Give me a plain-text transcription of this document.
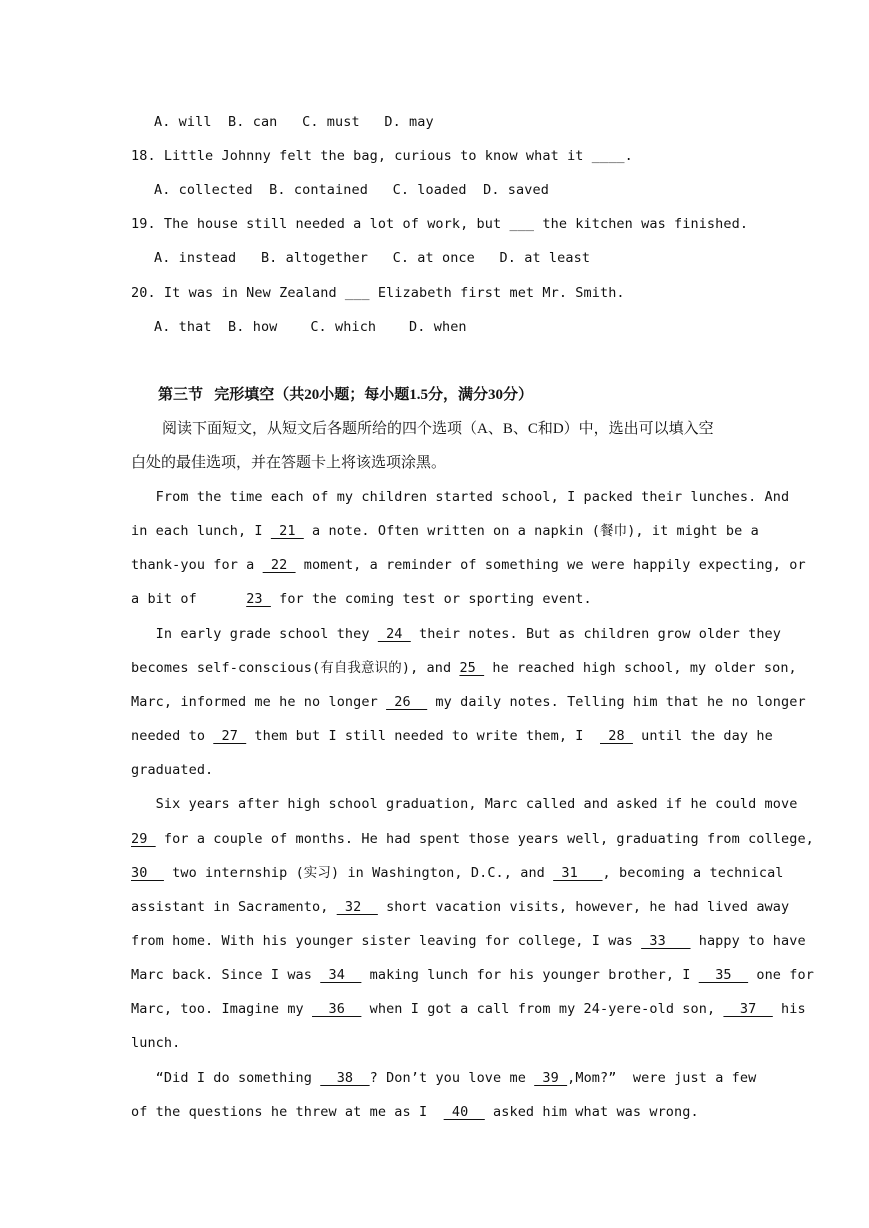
A. will  B. can   C. must   D. may
18. Little Johnny felt the bag, curious to know what it ____.
A. collected  B. contained   C. loaded  D. saved
19. The house still needed a lot of work, but ___ the kitchen was finished.
A. instead   B. altogether   C. at once   D. at least
20. It was in New Zealand ___ Elizabeth first met Mr. Smith.
A. that  B. how    C. which    D. when
第三节   完形填空（共20小题；每小题1.5分，满分30分）
阅读下面短文，从短文后各题所给的四个选项（A、B、C和D）中，选出可以填入空
白处的最佳选项，并在答题卡上将该选项涂黑。
From the time each of my children started school, I packed their lunches. And
in each lunch, I  21  a note. Often written on a napkin (餐巾), it might be a
thank-you for a  22  moment, a reminder of something we were happily expecting, or
a bit of      23  for the coming test or sporting event.
In early grade school they  24  their notes. But as children grow older they
becomes self-conscious(有自我意识的), and 25  he reached high school, my older son,
Marc, informed me he no longer  26   my daily notes. Telling him that he no longer
needed to  27  them but I still needed to write them, I   28  until the day he
graduated.
Six years after high school graduation, Marc called and asked if he could move
29  for a couple of months. He had spent those years well, graduating from college,
30   two internship (实习) in Washington, D.C., and  31   , becoming a technical
assistant in Sacramento,  32   short vacation visits, however, he had lived away
from home. With his younger sister leaving for college, I was  33    happy to have
Marc back. Since I was  34   making lunch for his younger brother, I   35   one for
Marc, too. Imagine my   36   when I got a call from my 24-yere-old son,   37   his
lunch.
“Did I do something   38  ? Don’t you love me  39 ,Mom?”  were just a few
of the questions he threw at me as I   40   asked him what was wrong.
